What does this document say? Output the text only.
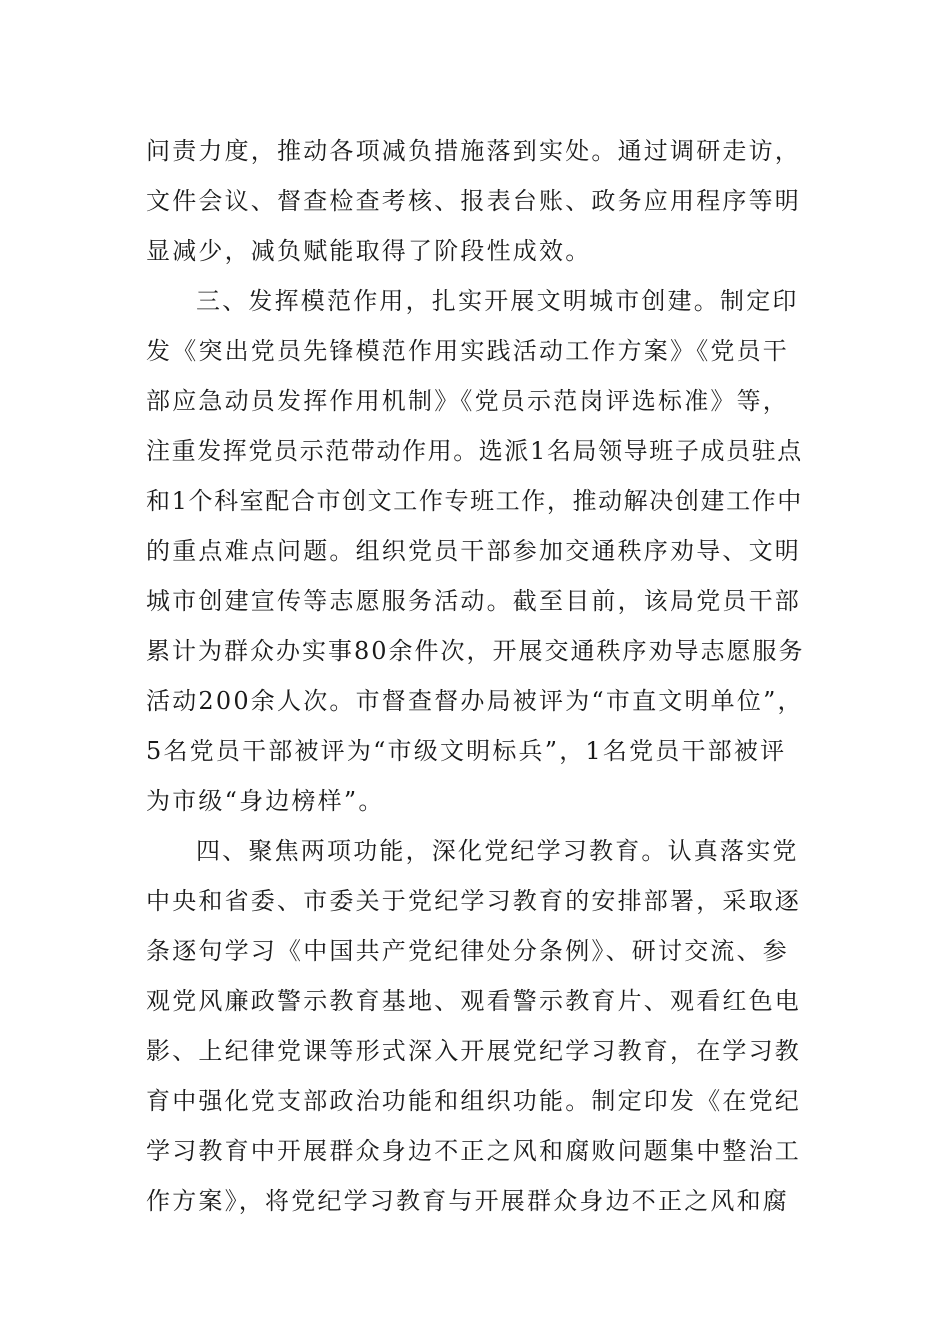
问责力度，推动各项减负措施落到实处。通过调研走访，

文件会议、督查检查考核、报表台账、政务应用程序等明

显减少，减负赋能取得了阶段性成效。

三、发挥模范作用，扎实开展文明城市创建。制定印

发《突出党员先锋模范作用实践活动工作方案》《党员干

部应急动员发挥作用机制》《党员示范岗评选标准》等，

注重发挥党员示范带动作用。选派1名局领导班子成员驻点

和1个科室配合市创文工作专班工作，推动解决创建工作中

的重点难点问题。组织党员干部参加交通秩序劝导、文明

城市创建宣传等志愿服务活动。截至目前，该局党员干部

累计为群众办实事80余件次，开展交通秩序劝导志愿服务

活动200余人次。市督查督办局被评为“市直文明单位”，

5名党员干部被评为“市级文明标兵”，1名党员干部被评

为市级“身边榜样”。

四、聚焦两项功能，深化党纪学习教育。认真落实党

中央和省委、市委关于党纪学习教育的安排部署，采取逐

条逐句学习《中国共产党纪律处分条例》、研讨交流、参

观党风廉政警示教育基地、观看警示教育片、观看红色电

影、上纪律党课等形式深入开展党纪学习教育，在学习教

育中强化党支部政治功能和组织功能。制定印发《在党纪

学习教育中开展群众身边不正之风和腐败问题集中整治工

作方案》，将党纪学习教育与开展群众身边不正之风和腐
